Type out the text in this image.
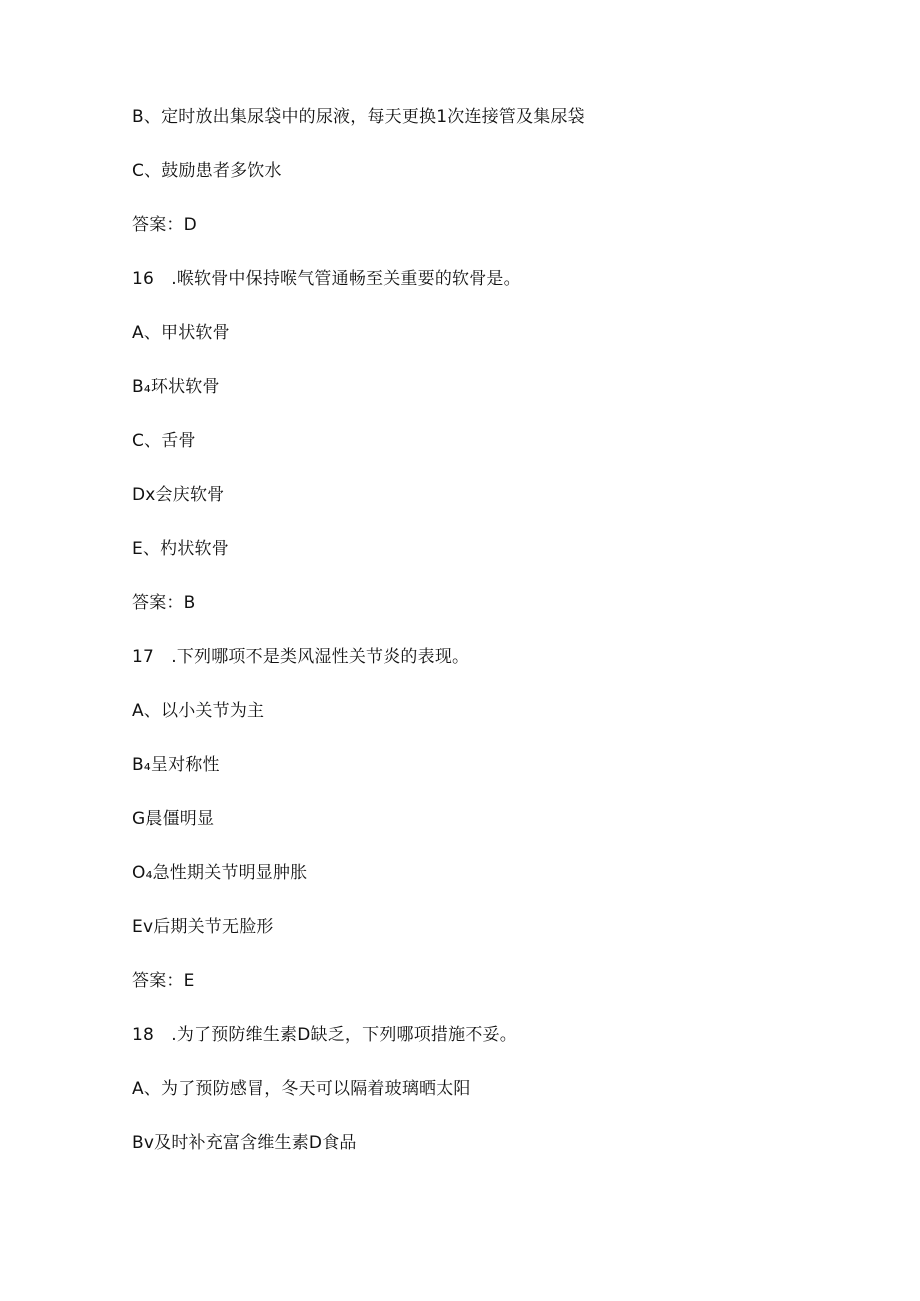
B、定时放出集尿袋中的尿液，每天更换1次连接管及集尿袋
C、鼓励患者多饮水
答案：D
16　.喉软骨中保持喉气管通畅至关重要的软骨是。
A、甲状软骨
B₄环状软骨
C、舌骨
Dx会庆软骨
E、杓状软骨
答案：B
17　.下列哪项不是类风湿性关节炎的表现。
A、以小关节为主
B₄呈对称性
G晨僵明显
O₄急性期关节明显肿胀
Ev后期关节无脸形
答案：E
18　.为了预防维生素D缺乏，下列哪项措施不妥。
A、为了预防感冒，冬天可以隔着玻璃晒太阳
Bv及时补充富含维生素D食品
